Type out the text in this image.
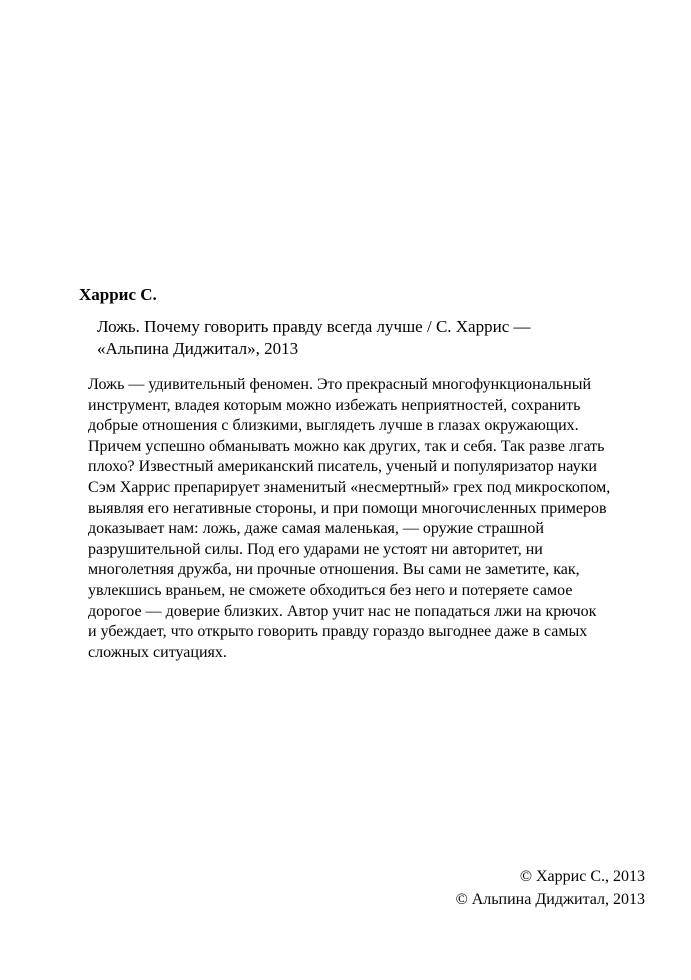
Харрис С.
Ложь. Почему говорить правду всегда лучше / С. Харрис —
«Альпина Диджитал», 2013
Ложь — удивительный феномен. Это прекрасный многофункциональный
инструмент, владея которым можно избежать неприятностей, сохранить
добрые отношения с близкими, выглядеть лучше в глазах окружающих.
Причем успешно обманывать можно как других, так и себя. Так разве лгать
плохо? Известный американский писатель, ученый и популяризатор науки
Сэм Харрис препарирует знаменитый «несмертный» грех под микроскопом,
выявляя его негативные стороны, и при помощи многочисленных примеров
доказывает нам: ложь, даже самая маленькая, — оружие страшной
разрушительной силы. Под его ударами не устоят ни авторитет, ни
многолетняя дружба, ни прочные отношения. Вы сами не заметите, как,
увлекшись враньем, не сможете обходиться без него и потеряете самое
дорогое — доверие близких. Автор учит нас не попадаться лжи на крючок
и убеждает, что открыто говорить правду гораздо выгоднее даже в самых
сложных ситуациях.
© Харрис С., 2013
© Альпина Диджитал, 2013
